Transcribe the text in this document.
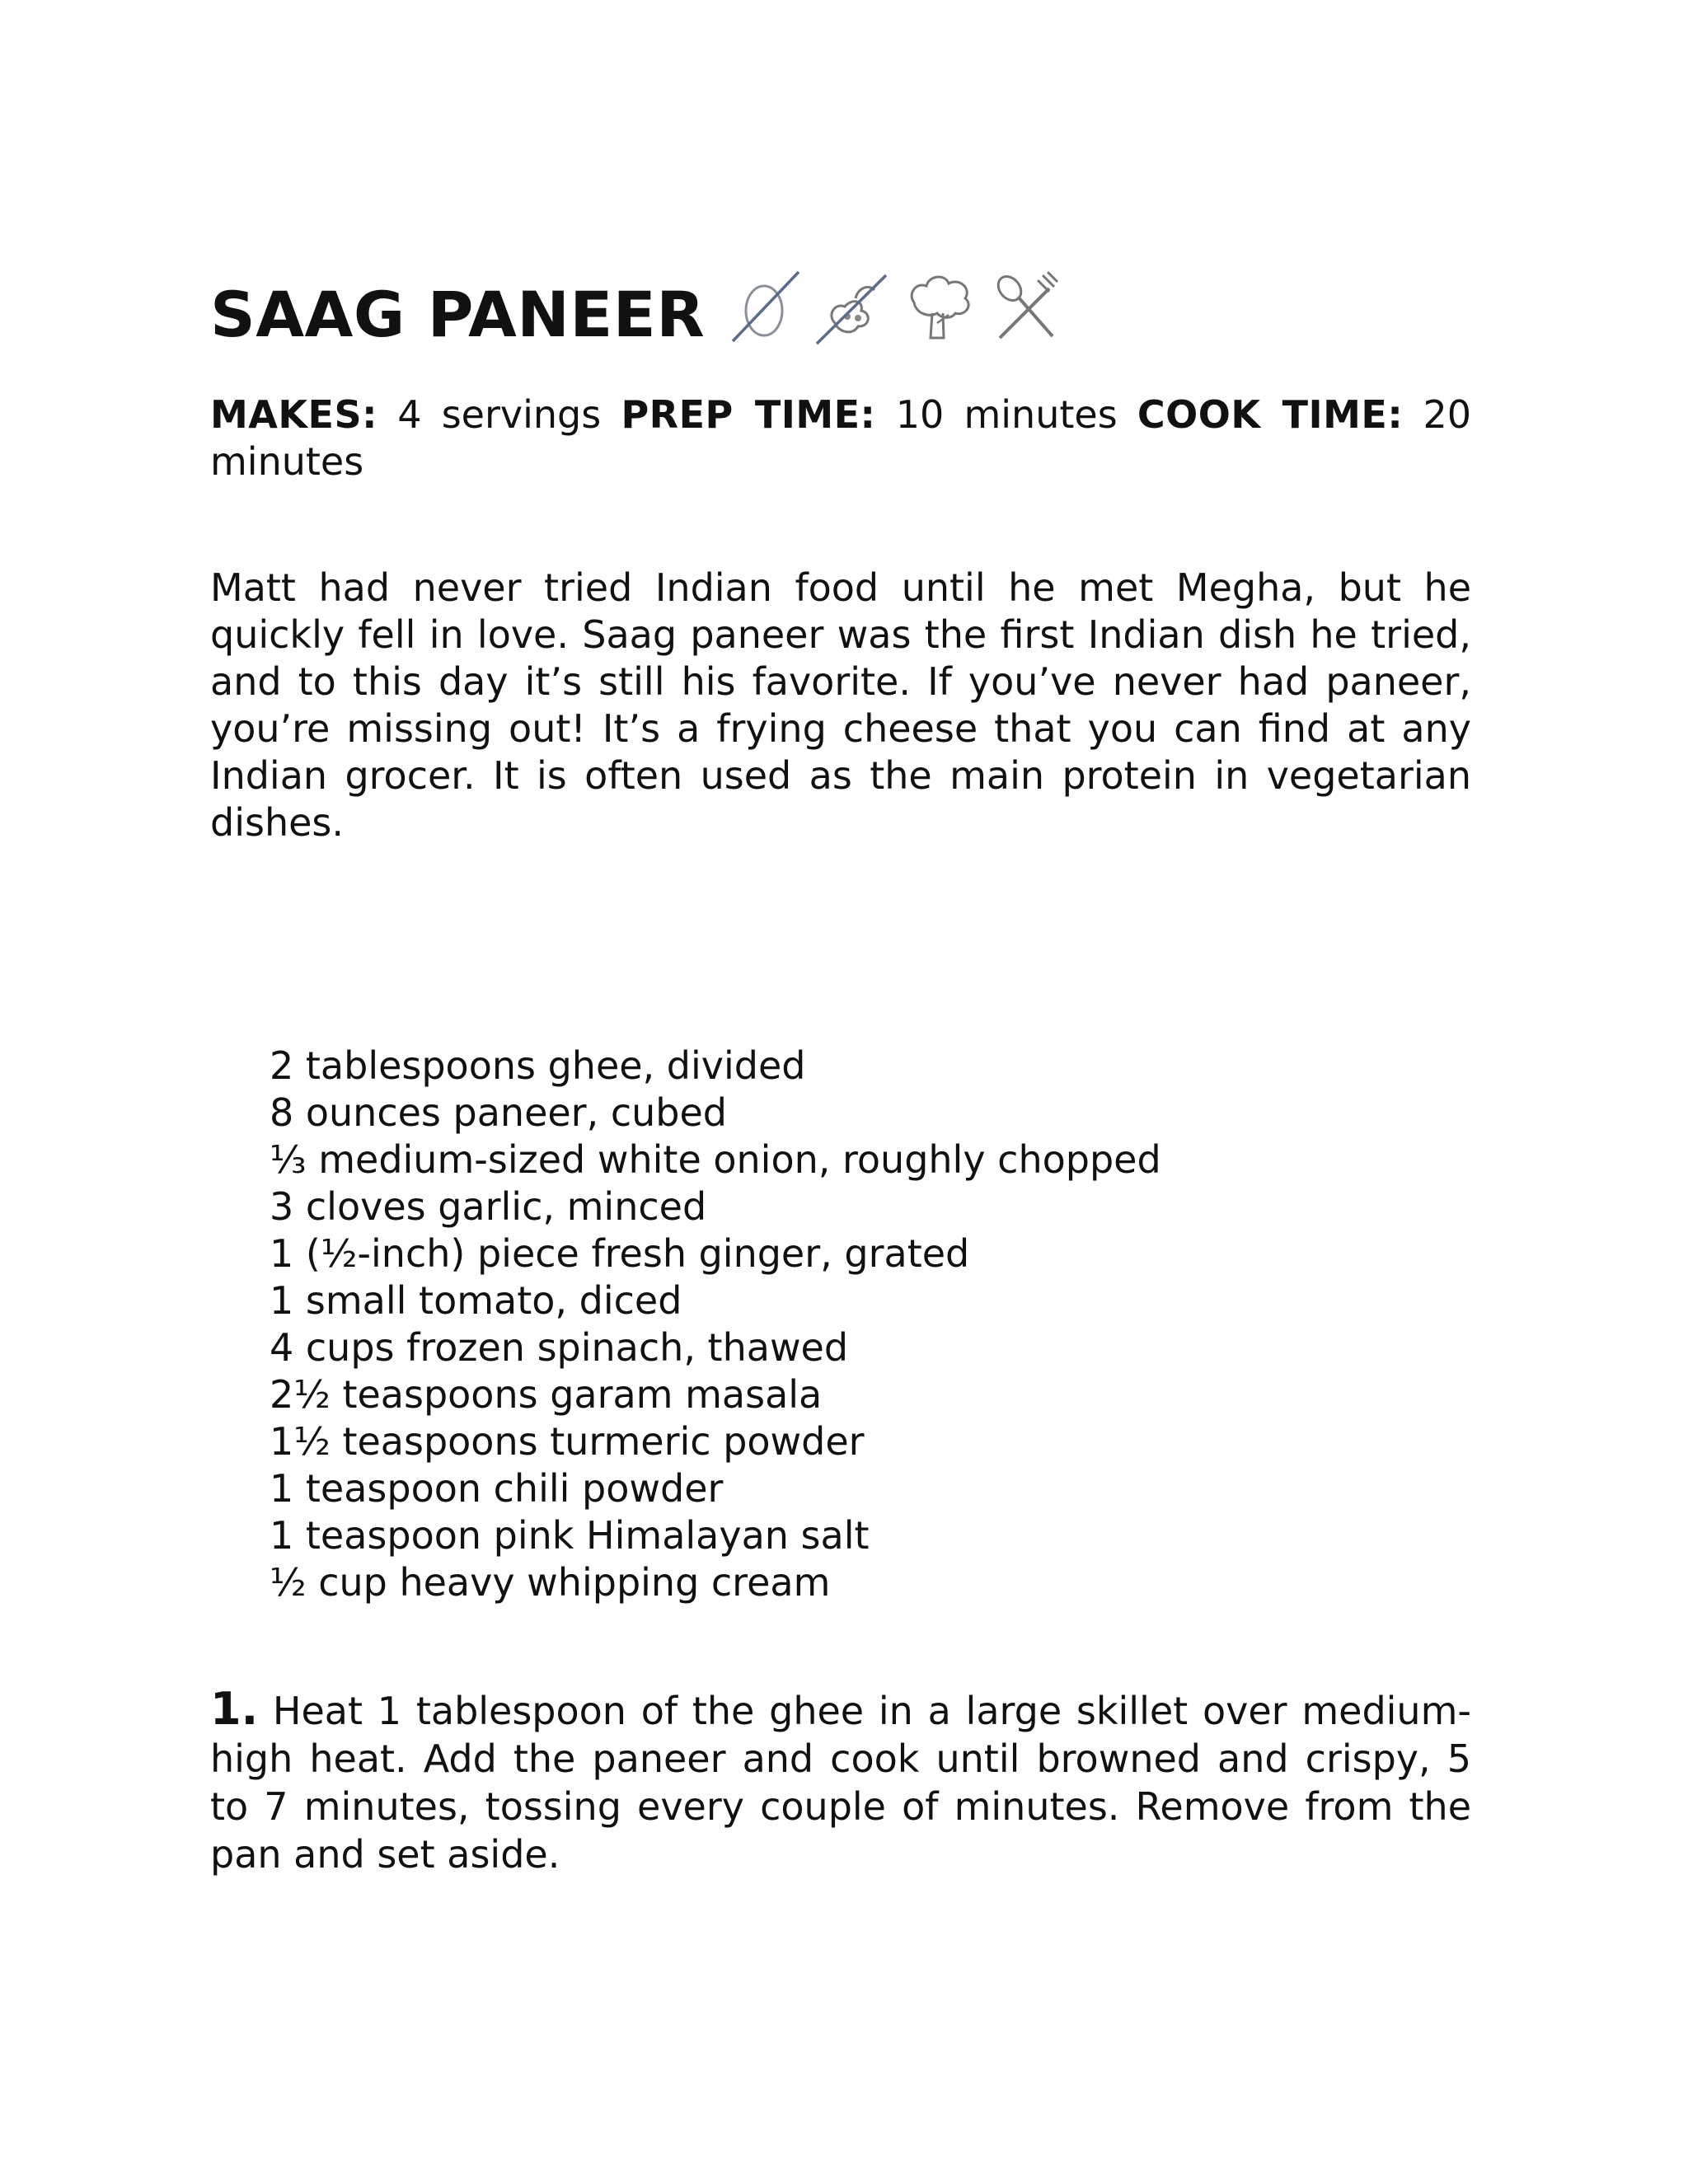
SAAG PANEER
MAKES: 4 servings PREP TIME: 10 minutes COOK TIME: 20 minutes

Matt had never tried Indian food until he met Megha, but he quickly fell in love. Saag paneer was the first Indian dish he tried, and to this day it’s still his favorite. If you’ve never had paneer, you’re missing out! It’s a frying cheese that you can find at any Indian grocer. It is often used as the main protein in vegetarian dishes.

2 tablespoons ghee, divided
8 ounces paneer, cubed
⅓ medium-sized white onion, roughly chopped
3 cloves garlic, minced
1 (½-inch) piece fresh ginger, grated
1 small tomato, diced
4 cups frozen spinach, thawed
2½ teaspoons garam masala
1½ teaspoons turmeric powder
1 teaspoon chili powder
1 teaspoon pink Himalayan salt
½ cup heavy whipping cream

1. Heat 1 tablespoon of the ghee in a large skillet over medium-high heat. Add the paneer and cook until browned and crispy, 5 to 7 minutes, tossing every couple of minutes. Remove from the pan and set aside.
